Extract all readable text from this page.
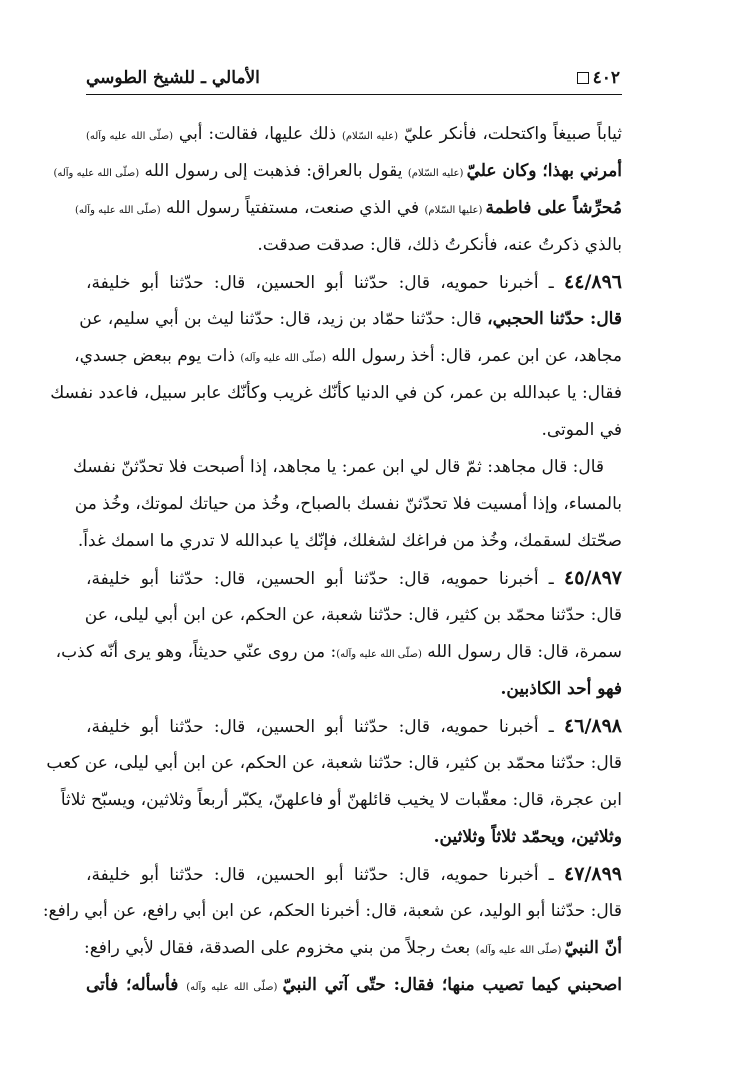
٤٠٢
الأمالي ـ للشيخ الطوسي
ثياباً صبيغاً واكتحلت، فأنكر عليّ (عليه السّلام) ذلك عليها، فقالت: أبي (صلّى الله عليه وآله)
أمرني بهذا؛ وكان عليّ (عليه السّلام) يقول بالعراق: فذهبت إلى رسول الله (صلّى الله عليه وآله)
مُحرِّشاً على فاطمة (عليها السّلام) في الذي صنعت، مستفتياً رسول الله (صلّى الله عليه وآله)
بالذي ذكرتُ عنه، فأنكرتُ ذلك، قال: صدقت صدقت.
٤٤/٨٩٦ ـ أخبرنا حمويه، قال: حدّثنا أبو الحسين، قال: حدّثنا أبو خليفة،
قال: حدّثنا الحجبي، قال: حدّثنا حمّاد بن زيد، قال: حدّثنا ليث بن أبي سليم، عن
مجاهد، عن ابن عمر، قال: أخذ رسول الله (صلّى الله عليه وآله) ذات يوم ببعض جسدي،
فقال: يا عبدالله بن عمر، كن في الدنيا كأنّك غريب وكأنّك عابر سبيل، فاعدد نفسك
في الموتى.
قال: قال مجاهد: ثمّ قال لي ابن عمر: يا مجاهد، إذا أصبحت فلا تحدّثنّ نفسك
بالمساء، وإذا أمسيت فلا تحدّثنّ نفسك بالصباح، وخُذ من حياتك لموتك، وخُذ من
صحّتك لسقمك، وخُذ من فراغك لشغلك، فإنّك يا عبدالله لا تدري ما اسمك غداً.
٤٥/٨٩٧ ـ أخبرنا حمويه، قال: حدّثنا أبو الحسين، قال: حدّثنا أبو خليفة،
قال: حدّثنا محمّد بن كثير، قال: حدّثنا شعبة، عن الحكم، عن ابن أبي ليلى، عن
سمرة، قال: قال رسول الله (صلّى الله عليه وآله): من روى عنّي حديثاً، وهو يرى أنّه كذب،
فهو أحد الكاذبين.
٤٦/٨٩٨ ـ أخبرنا حمويه، قال: حدّثنا أبو الحسين، قال: حدّثنا أبو خليفة،
قال: حدّثنا محمّد بن كثير، قال: حدّثنا شعبة، عن الحكم، عن ابن أبي ليلى، عن كعب
ابن عجرة، قال: معقّبات لا يخيب قائلهنّ أو فاعلهنّ، يكبّر أربعاً وثلاثين، ويسبّح ثلاثاً
وثلاثين، ويحمّد ثلاثاً وثلاثين.
٤٧/٨٩٩ ـ أخبرنا حمويه، قال: حدّثنا أبو الحسين، قال: حدّثنا أبو خليفة،
قال: حدّثنا أبو الوليد، عن شعبة، قال: أخبرنا الحكم، عن ابن أبي رافع، عن أبي رافع:
أنّ النبيّ (صلّى الله عليه وآله) بعث رجلاً من بني مخزوم على الصدقة، فقال لأبي رافع:
اصحبني كيما تصيب منها؛ فقال: حتّى آتي النبيّ (صلّى الله عليه وآله) فأسأله؛ فأتى
